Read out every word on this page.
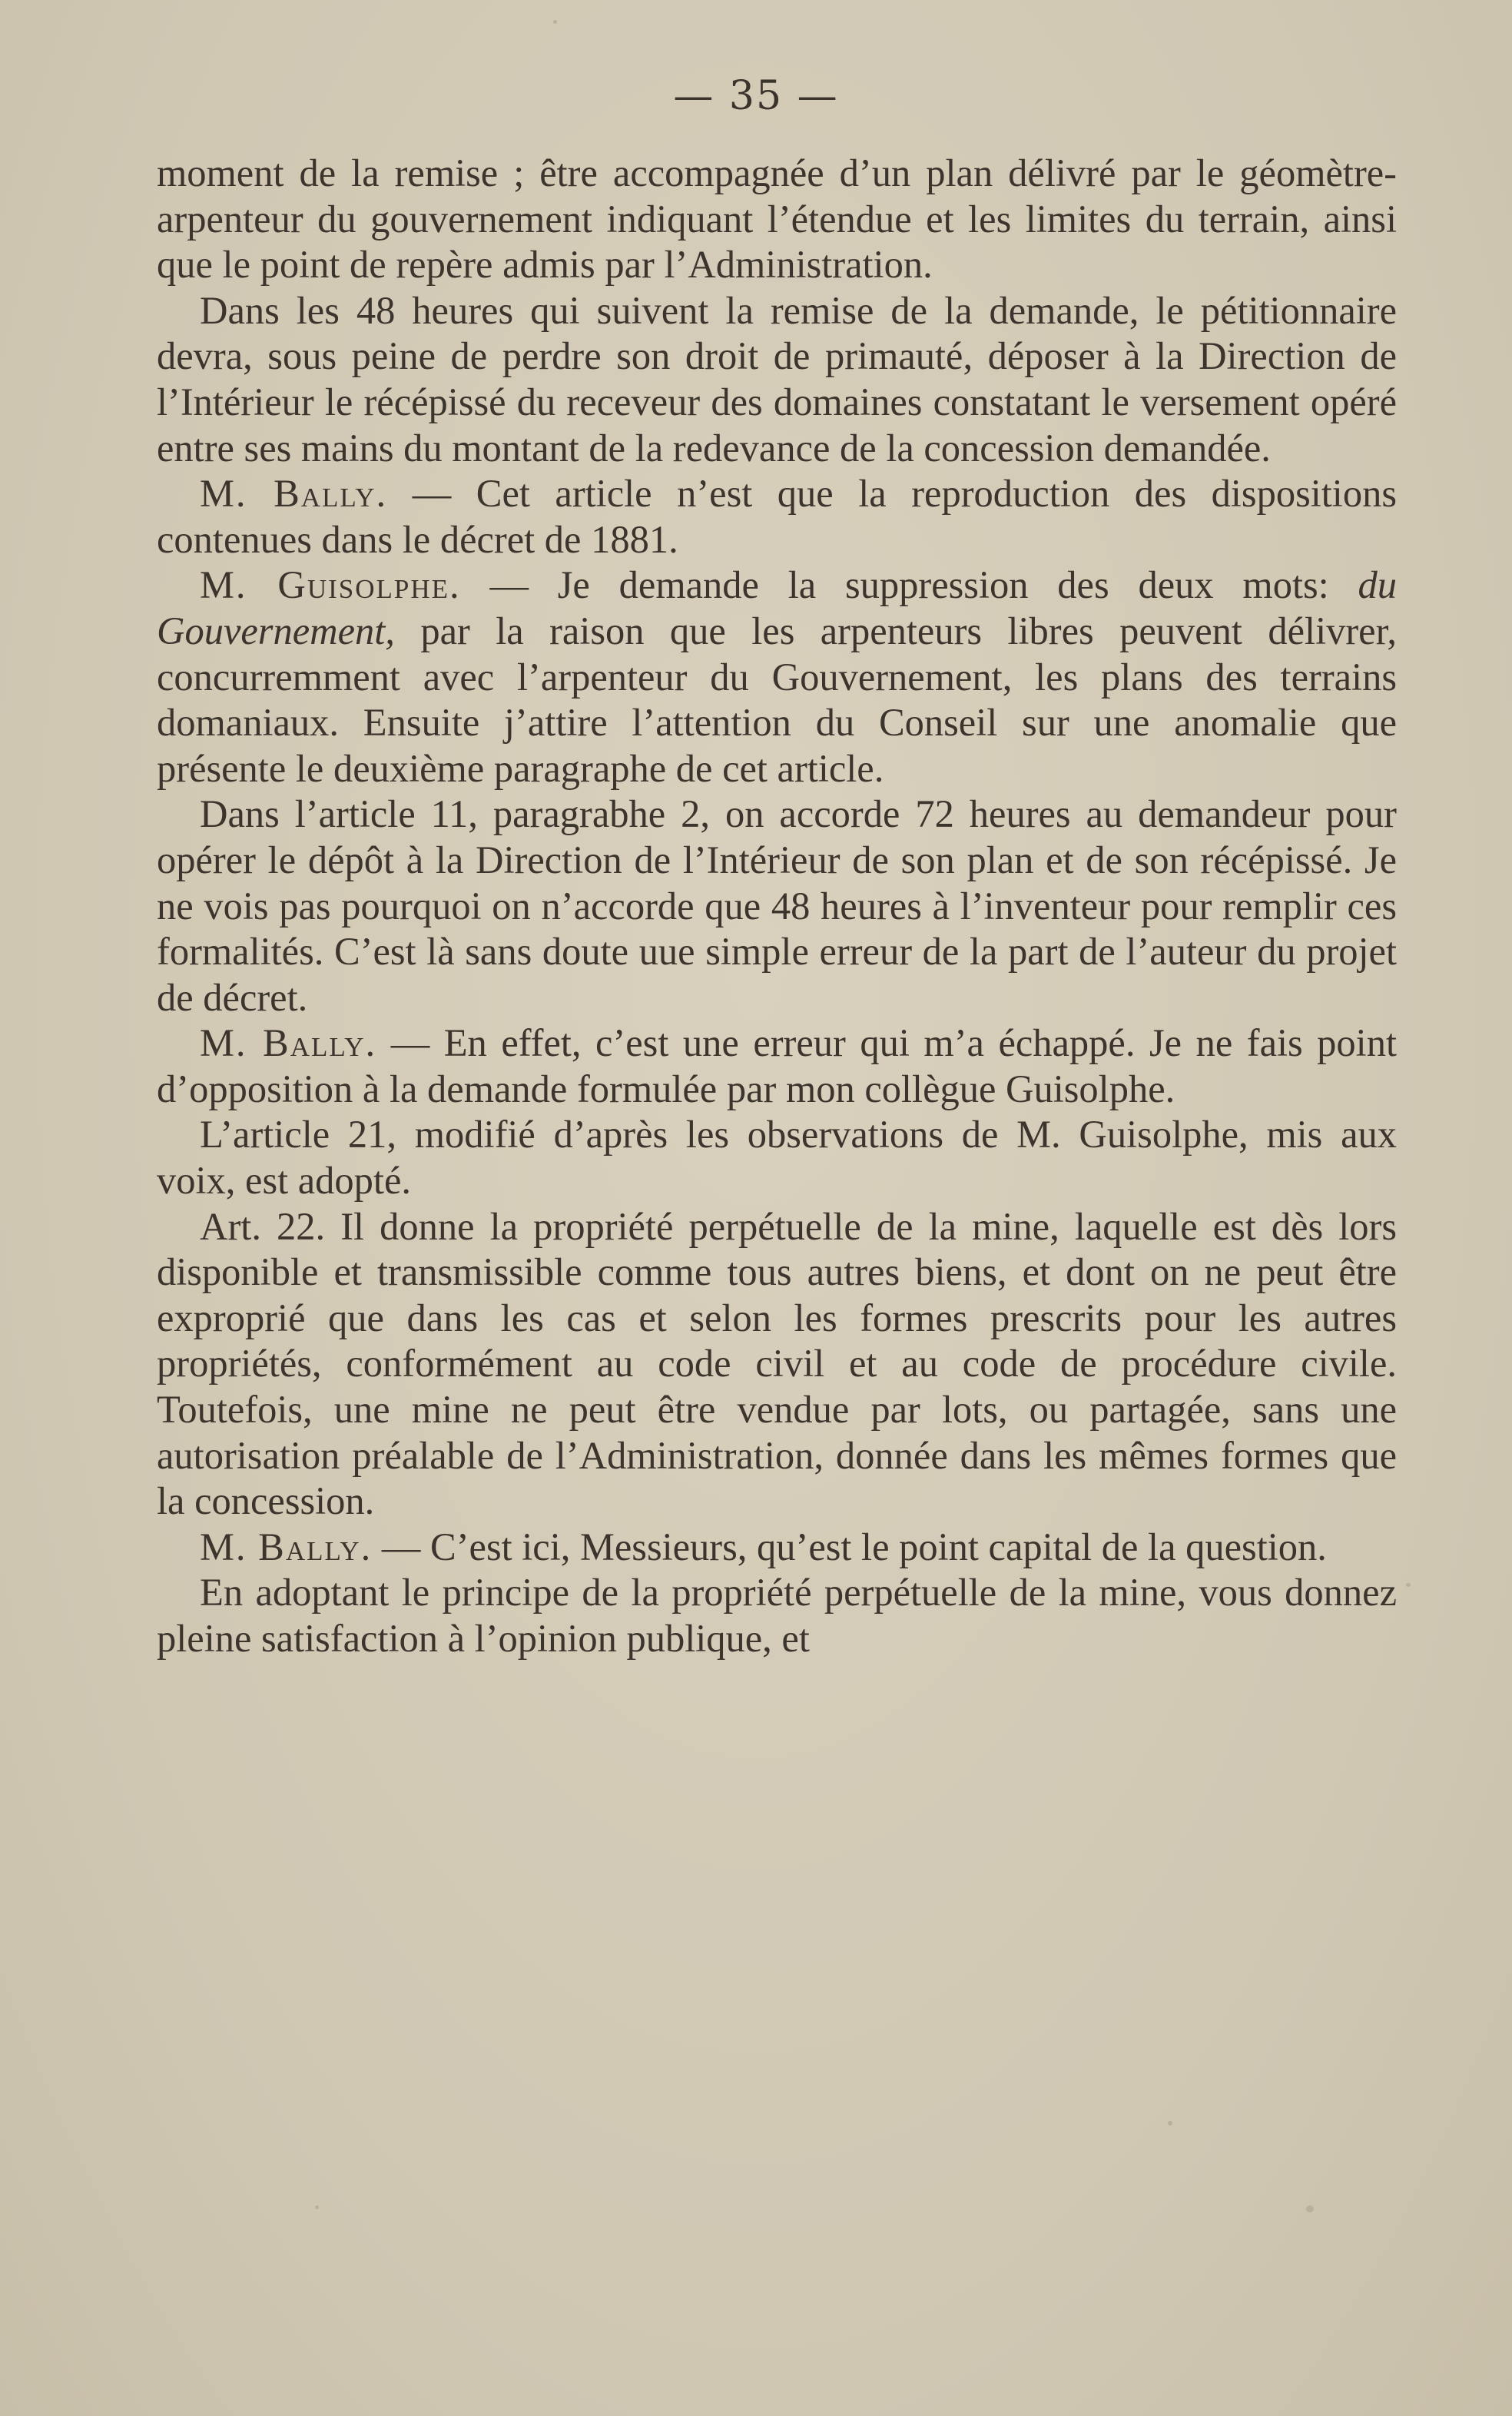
— 35 —

moment de la remise ; être accompagnée d’un plan délivré par le géomètre-arpenteur du gouvernement indiquant l’étendue et les limites du terrain, ainsi que le point de repère admis par l’Administration.

Dans les 48 heures qui suivent la remise de la demande, le pétitionnaire devra, sous peine de perdre son droit de primauté, déposer à la Direction de l’Intérieur le récépissé du receveur des domaines constatant le versement opéré entre ses mains du montant de la redevance de la concession demandée.

M. Bally. — Cet article n’est que la reproduction des dispositions contenues dans le décret de 1881.

M. Guisolphe. — Je demande la suppression des deux mots: du Gouvernement, par la raison que les arpenteurs libres peuvent délivrer, concurremment avec l’arpenteur du Gouvernement, les plans des terrains domaniaux. Ensuite j’attire l’attention du Conseil sur une anomalie que présente le deuxième paragraphe de cet article.

Dans l’article 11, paragrabhe 2, on accorde 72 heures au demandeur pour opérer le dépôt à la Direction de l’Intérieur de son plan et de son récépissé. Je ne vois pas pourquoi on n’accorde que 48 heures à l’inventeur pour remplir ces formalités. C’est là sans doute uue simple erreur de la part de l’auteur du projet de décret.

M. Bally. — En effet, c’est une erreur qui m’a échappé. Je ne fais point d’opposition à la demande formulée par mon collègue Guisolphe.

L’article 21, modifié d’après les observations de M. Guisolphe, mis aux voix, est adopté.

Art. 22. Il donne la propriété perpétuelle de la mine, laquelle est dès lors disponible et transmissible comme tous autres biens, et dont on ne peut être exproprié que dans les cas et selon les formes prescrits pour les autres propriétés, conformément au code civil et au code de procédure civile. Toutefois, une mine ne peut être vendue par lots, ou partagée, sans une autorisation préalable de l’Administration, donnée dans les mêmes formes que la concession.

M. Bally. — C’est ici, Messieurs, qu’est le point capital de la question.

En adoptant le principe de la propriété perpétuelle de la mine, vous donnez pleine satisfaction à l’opinion publique, et
